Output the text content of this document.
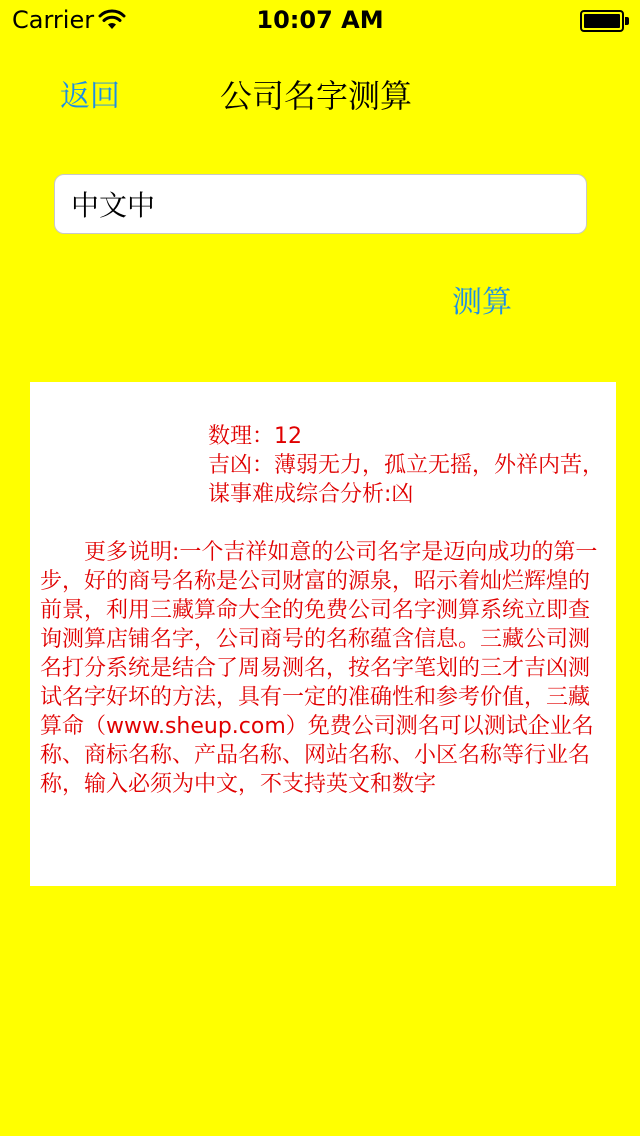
Carrier	10:07 AM
返回	公司名字测算
中文中
测算

数理：12

吉凶：薄弱无力，孤立无摇，外祥内苦，谋事难成综合分析:凶

更多说明:一个吉祥如意的公司名字是迈向成功的第一步，好的商号名称是公司财富的源泉，昭示着灿烂辉煌的前景，利用三藏算命大全的免费公司名字测算系统立即查询测算店铺名字，公司商号的名称蕴含信息。三藏公司测名打分系统是结合了周易测名，按名字笔划的三才吉凶测试名字好坏的方法，具有一定的准确性和参考价值，三藏算命（www.sheup.com）免费公司测名可以测试企业名称、商标名称、产品名称、网站名称、小区名称等行业名称，输入必须为中文，不支持英文和数字
